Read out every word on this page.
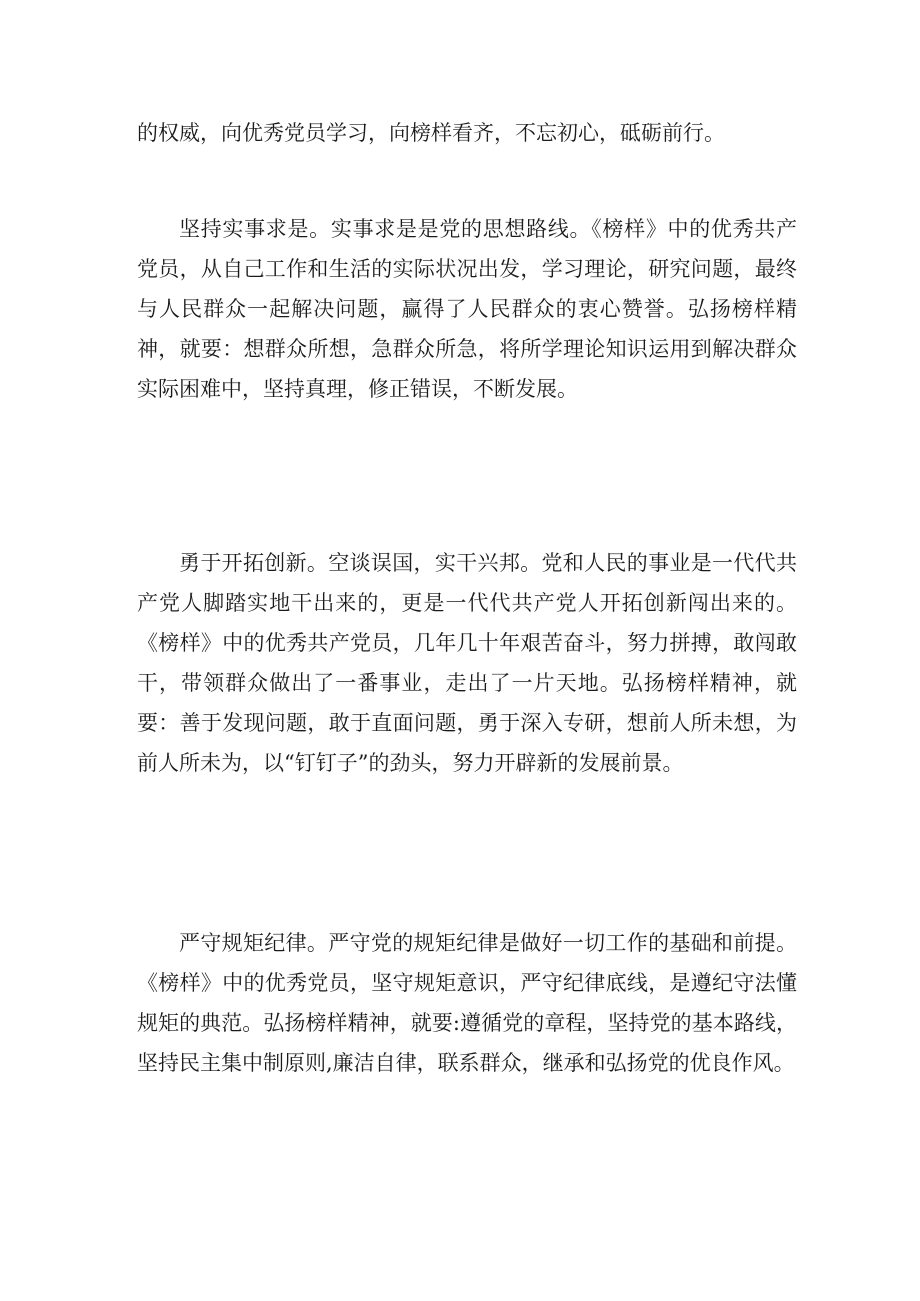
的权威，向优秀党员学习，向榜样看齐，不忘初心，砥砺前行。

坚持实事求是。实事求是是党的思想路线。《榜样》中的优秀共产党员，从自己工作和生活的实际状况出发，学习理论，研究问题，最终与人民群众一起解决问题，赢得了人民群众的衷心赞誉。弘扬榜样精神，就要：想群众所想，急群众所急，将所学理论知识运用到解决群众实际困难中，坚持真理，修正错误，不断发展。

勇于开拓创新。空谈误国，实干兴邦。党和人民的事业是一代代共产党人脚踏实地干出来的，更是一代代共产党人开拓创新闯出来的。《榜样》中的优秀共产党员，几年几十年艰苦奋斗，努力拼搏，敢闯敢干，带领群众做出了一番事业，走出了一片天地。弘扬榜样精神，就要：善于发现问题，敢于直面问题，勇于深入专研，想前人所未想，为前人所未为，以“钉钉子”的劲头，努力开辟新的发展前景。

严守规矩纪律。严守党的规矩纪律是做好一切工作的基础和前提。《榜样》中的优秀党员，坚守规矩意识，严守纪律底线，是遵纪守法懂规矩的典范。弘扬榜样精神，就要:遵循党的章程，坚持党的基本路线，坚持民主集中制原则,廉洁自律，联系群众，继承和弘扬党的优良作风。
